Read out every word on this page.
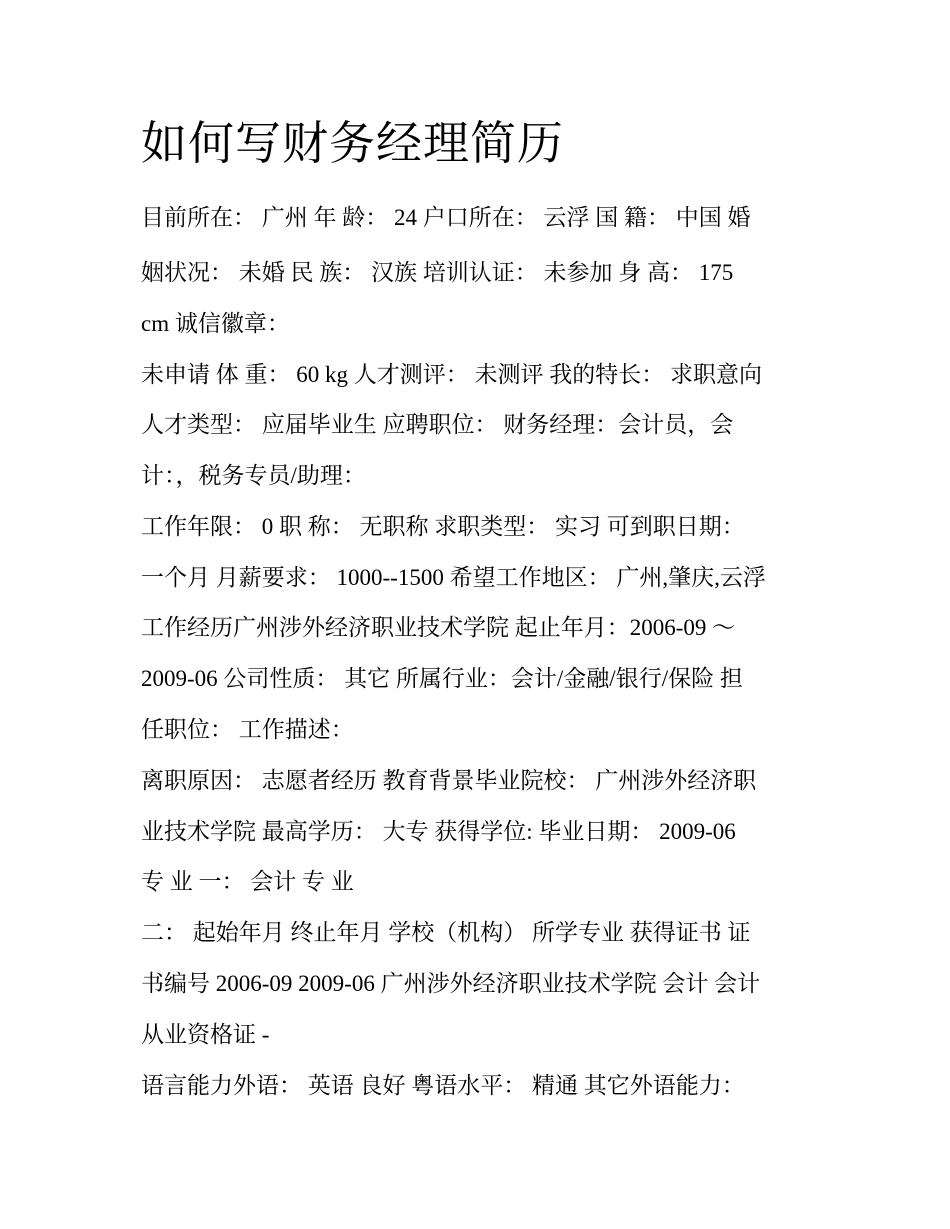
如何写财务经理简历

目前所在： 广州 年 龄： 24 户口所在： 云浮 国 籍： 中国 婚

姻状况： 未婚 民 族： 汉族 培训认证： 未参加 身 高： 175

cm 诚信徽章：

未申请 体 重： 60 kg 人才测评： 未测评 我的特长： 求职意向

人才类型： 应届毕业生 应聘职位： 财务经理：会计员，会

计：，税务专员/助理：

工作年限： 0 职 称： 无职称 求职类型： 实习 可到职日期：

一个月 月薪要求： 1000--1500 希望工作地区： 广州,肇庆,云浮

工作经历广州涉外经济职业技术学院 起止年月：2006-09 ～

2009-06 公司性质： 其它 所属行业：会计/金融/银行/保险 担

任职位： 工作描述：

离职原因： 志愿者经历 教育背景毕业院校： 广州涉外经济职

业技术学院 最高学历： 大专 获得学位: 毕业日期： 2009-06

专 业 一： 会计 专 业

二： 起始年月 终止年月 学校（机构） 所学专业 获得证书 证

书编号 2006-09 2009-06 广州涉外经济职业技术学院 会计 会计

从业资格证 -

语言能力外语： 英语 良好 粤语水平： 精通 其它外语能力：
